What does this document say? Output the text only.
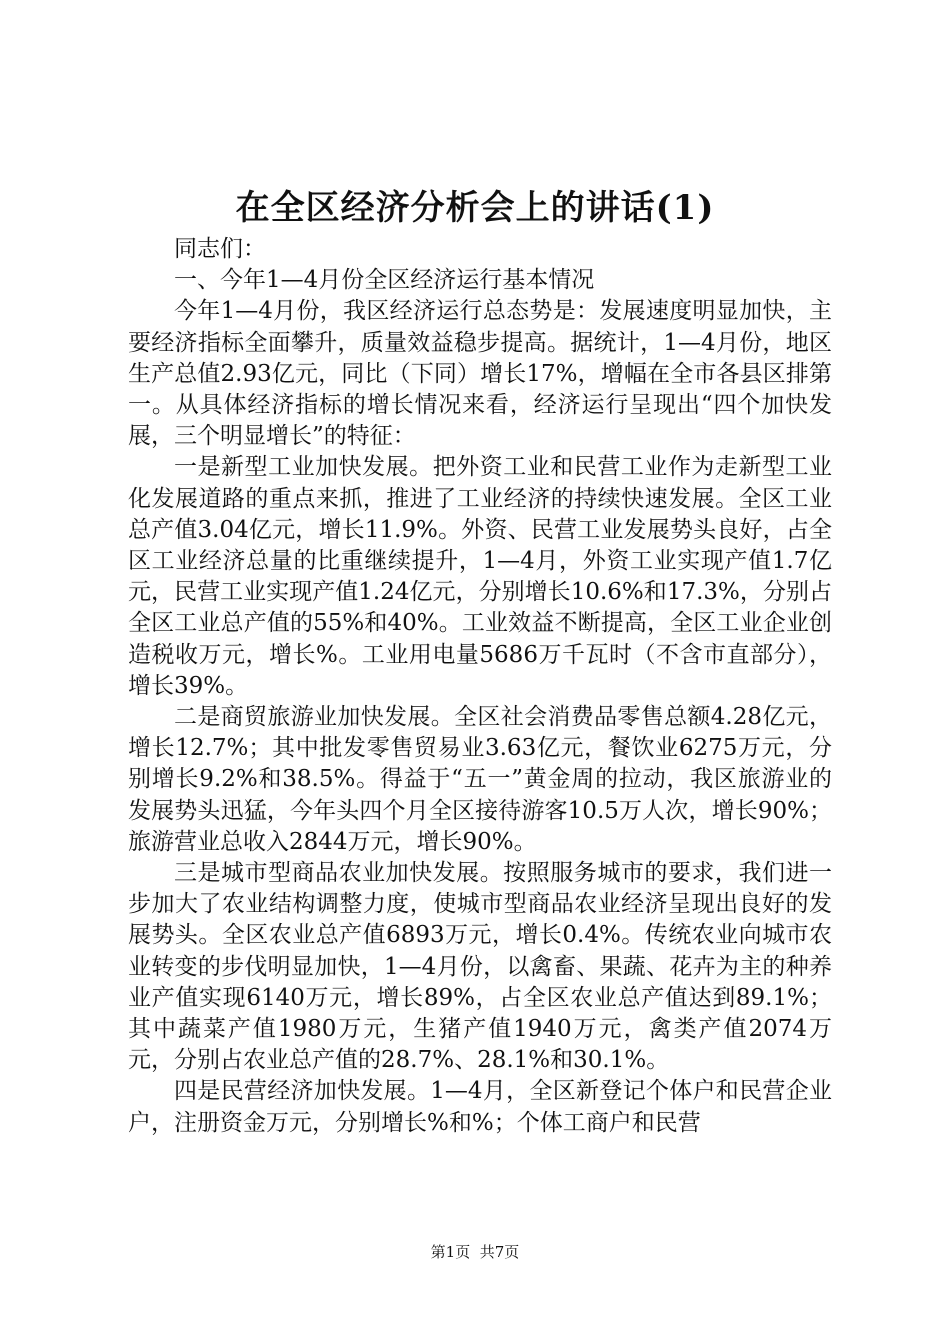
在全区经济分析会上的讲话(1)

同志们：

一、今年1—4月份全区经济运行基本情况

今年1—4月份，我区经济运行总态势是：发展速度明显加快，主要经济指标全面攀升，质量效益稳步提高。据统计，1—4月份，地区生产总值2.93亿元，同比（下同）增长17%，增幅在全市各县区排第一。从具体经济指标的增长情况来看，经济运行呈现出“四个加快发展，三个明显增长”的特征：

一是新型工业加快发展。把外资工业和民营工业作为走新型工业化发展道路的重点来抓，推进了工业经济的持续快速发展。全区工业总产值3.04亿元，增长11.9%。外资、民营工业发展势头良好，占全区工业经济总量的比重继续提升，1—4月，外资工业实现产值1.7亿元，民营工业实现产值1.24亿元，分别增长10.6%和17.3%，分别占全区工业总产值的55%和40%。工业效益不断提高，全区工业企业创造税收万元，增长%。工业用电量5686万千瓦时（不含市直部分），增长39%。

二是商贸旅游业加快发展。全区社会消费品零售总额4.28亿元，增长12.7%；其中批发零售贸易业3.63亿元，餐饮业6275万元，分别增长9.2%和38.5%。得益于“五一”黄金周的拉动，我区旅游业的发展势头迅猛，今年头四个月全区接待游客10.5万人次，增长90%；旅游营业总收入2844万元，增长90%。

三是城市型商品农业加快发展。按照服务城市的要求，我们进一步加大了农业结构调整力度，使城市型商品农业经济呈现出良好的发展势头。全区农业总产值6893万元，增长0.4%。传统农业向城市农业转变的步伐明显加快，1—4月份，以禽畜、果蔬、花卉为主的种养业产值实现6140万元，增长89%，占全区农业总产值达到89.1%；其中蔬菜产值1980万元，生猪产值1940万元，禽类产值2074万元，分别占农业总产值的28.7%、28.1%和30.1%。

四是民营经济加快发展。1—4月，全区新登记个体户和民营企业户，注册资金万元，分别增长%和%；个体工商户和民营

第1页 共7页
